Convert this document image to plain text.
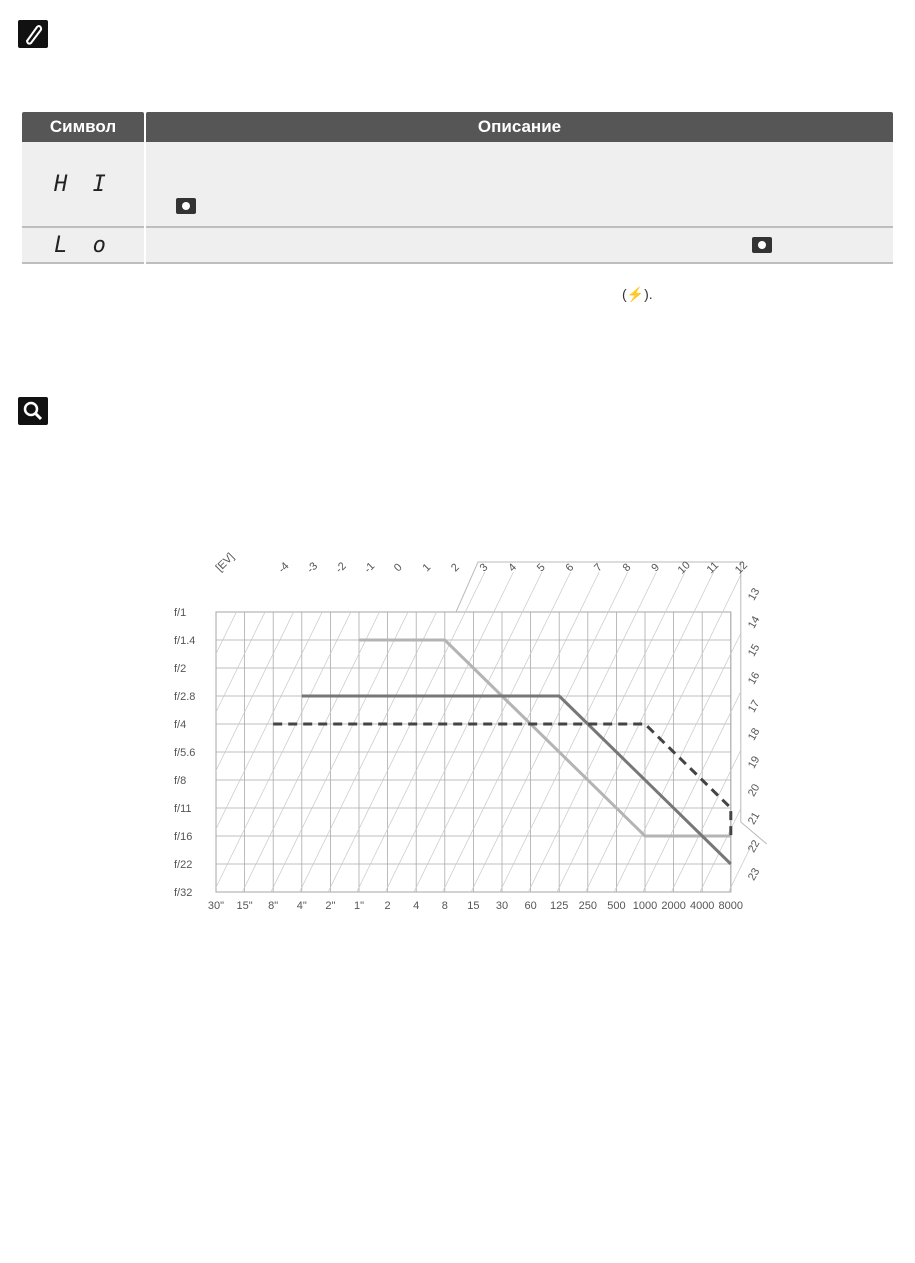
Символ	Описание
H I	

L o	
(⚡).
f/1
f/1.4
f/2
f/2.8
f/4
f/5.6
f/8
f/11
f/16
f/22
f/32
30" 15" 8" 4" 2" 1" 2 4 8 15 30 60 125 250 500 1000 2000 4000 8000
-4 -3 -2 -1 0 1 2 3 4 5 6 7 8 9 10 11 12
13
14
15
16
17
18
19
20
21
22
23
[EV]
